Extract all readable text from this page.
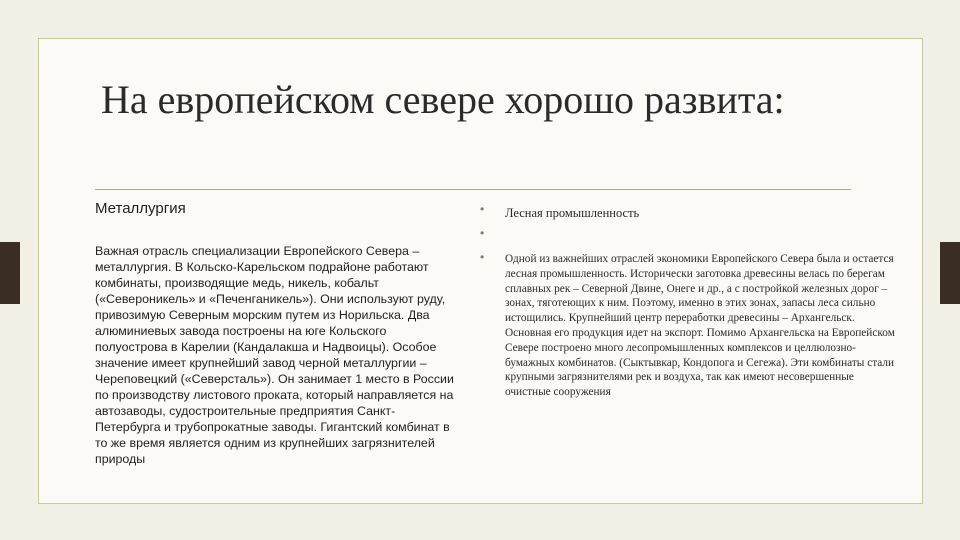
На европейском севере хорошо развита:
Металлургия
Важная отрасль специализации Европейского Севера – металлургия. В Кольско-Карельском подрайоне работают комбинаты, производящие медь, никель, кобальт («Североникель» и «Печенганикель»). Они используют руду, привозимую Северным морским путем из Норильска. Два алюминиевых завода построены на юге Кольского полуострова в Карелии (Кандалакша и Надвоицы). Особое значение имеет крупнейший завод черной металлургии – Череповецкий («Северсталь»). Он занимает 1 место в России по производству листового проката, который направляется на автозаводы, судостроительные предприятия Санкт-Петербурга и трубопрокатные заводы. Гигантский комбинат в то же время является одним из крупнейших загрязнителей природы
•
•
•
Лесная промышленность
Одной из важнейших отраслей экономики Европейского Севера была и остается лесная промышленность. Исторически заготовка древесины велась по берегам сплавных рек – Северной Двине, Онеге и др., а с постройкой железных дорог – зонах, тяготеющих к ним. Поэтому, именно в этих зонах, запасы леса сильно истощились. Крупнейший центр переработки древесины – Архангельск. Основная его продукция идет на экспорт. Помимо Архангельска на Европейском Севере построено много лесопромышленных комплексов и целлюлозно-бумажных комбинатов. (Сыктывкар, Кондопога и Сегежа). Эти комбинаты стали крупными загрязнителями рек и воздуха, так как имеют несовершенные очистные сооружения
